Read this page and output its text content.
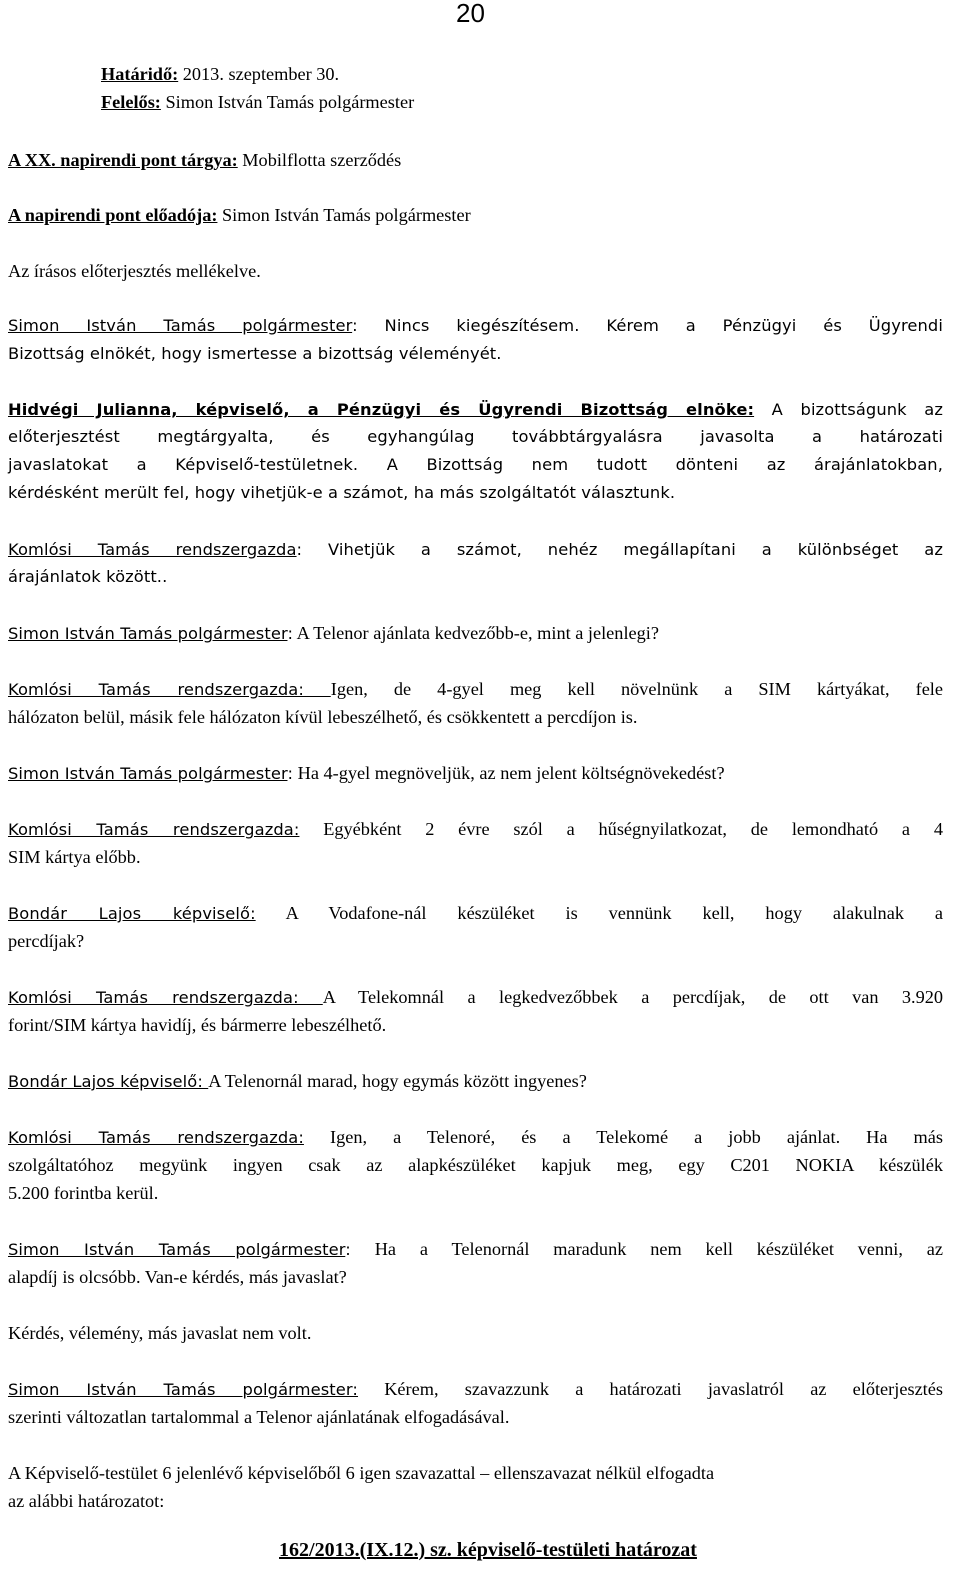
20
Határidő: 2013. szeptember 30.
Felelős: Simon István Tamás polgármester
A XX. napirendi pont tárgya: Mobilflotta szerződés
A napirendi pont előadója: Simon István Tamás polgármester
Az írásos előterjesztés mellékelve.
Simon István Tamás polgármester: Nincs kiegészítésem. Kérem a Pénzügyi és Ügyrendi
Bizottság elnökét, hogy ismertesse a bizottság véleményét.
Hidvégi Julianna, képviselő, a Pénzügyi és Ügyrendi Bizottság elnöke: A bizottságunk az
előterjesztést megtárgyalta, és egyhangúlag továbbtárgyalásra javasolta a határozati
javaslatokat a Képviselő-testületnek. A Bizottság nem tudott dönteni az árajánlatokban,
kérdésként merült fel, hogy vihetjük-e a számot, ha más szolgáltatót választunk.
Komlósi Tamás rendszergazda: Vihetjük a számot, nehéz megállapítani a különbséget az
árajánlatok között..
Simon István Tamás polgármester: A Telenor ajánlata kedvezőbb-e, mint a jelenlegi?
Komlósi Tamás rendszergazda: Igen, de 4-gyel meg kell növelnünk a SIM kártyákat, fele
hálózaton belül, másik fele hálózaton kívül lebeszélhető, és csökkentett a percdíjon is.
Simon István Tamás polgármester: Ha 4-gyel megnöveljük, az nem jelent költségnövekedést?
Komlósi Tamás rendszergazda: Egyébként 2 évre szól a hűségnyilatkozat, de lemondható a 4
SIM kártya előbb.
Bondár Lajos képviselő: A Vodafone-nál készüléket is vennünk kell, hogy alakulnak a
percdíjak?
Komlósi Tamás rendszergazda: A Telekomnál a legkedvezőbbek a percdíjak, de ott van 3.920
forint/SIM kártya havidíj, és bármerre lebeszélhető.
Bondár Lajos képviselő: A Telenornál marad, hogy egymás között ingyenes?
Komlósi Tamás rendszergazda: Igen, a Telenoré, és a Telekomé a jobb ajánlat. Ha más
szolgáltatóhoz megyünk ingyen csak az alapkészüléket kapjuk meg, egy C201 NOKIA készülék
5.200 forintba kerül.
Simon István Tamás polgármester: Ha a Telenornál maradunk nem kell készüléket venni, az
alapdíj is olcsóbb. Van-e kérdés, más javaslat?
Kérdés, vélemény, más javaslat nem volt.
Simon István Tamás polgármester: Kérem, szavazzunk a határozati javaslatról az előterjesztés
szerinti változatlan tartalommal a Telenor ajánlatának elfogadásával.
A Képviselő-testület 6 jelenlévő képviselőből 6 igen szavazattal – ellenszavazat nélkül elfogadta
az alábbi határozatot:
162/2013.(IX.12.) sz. képviselő-testületi határozat
